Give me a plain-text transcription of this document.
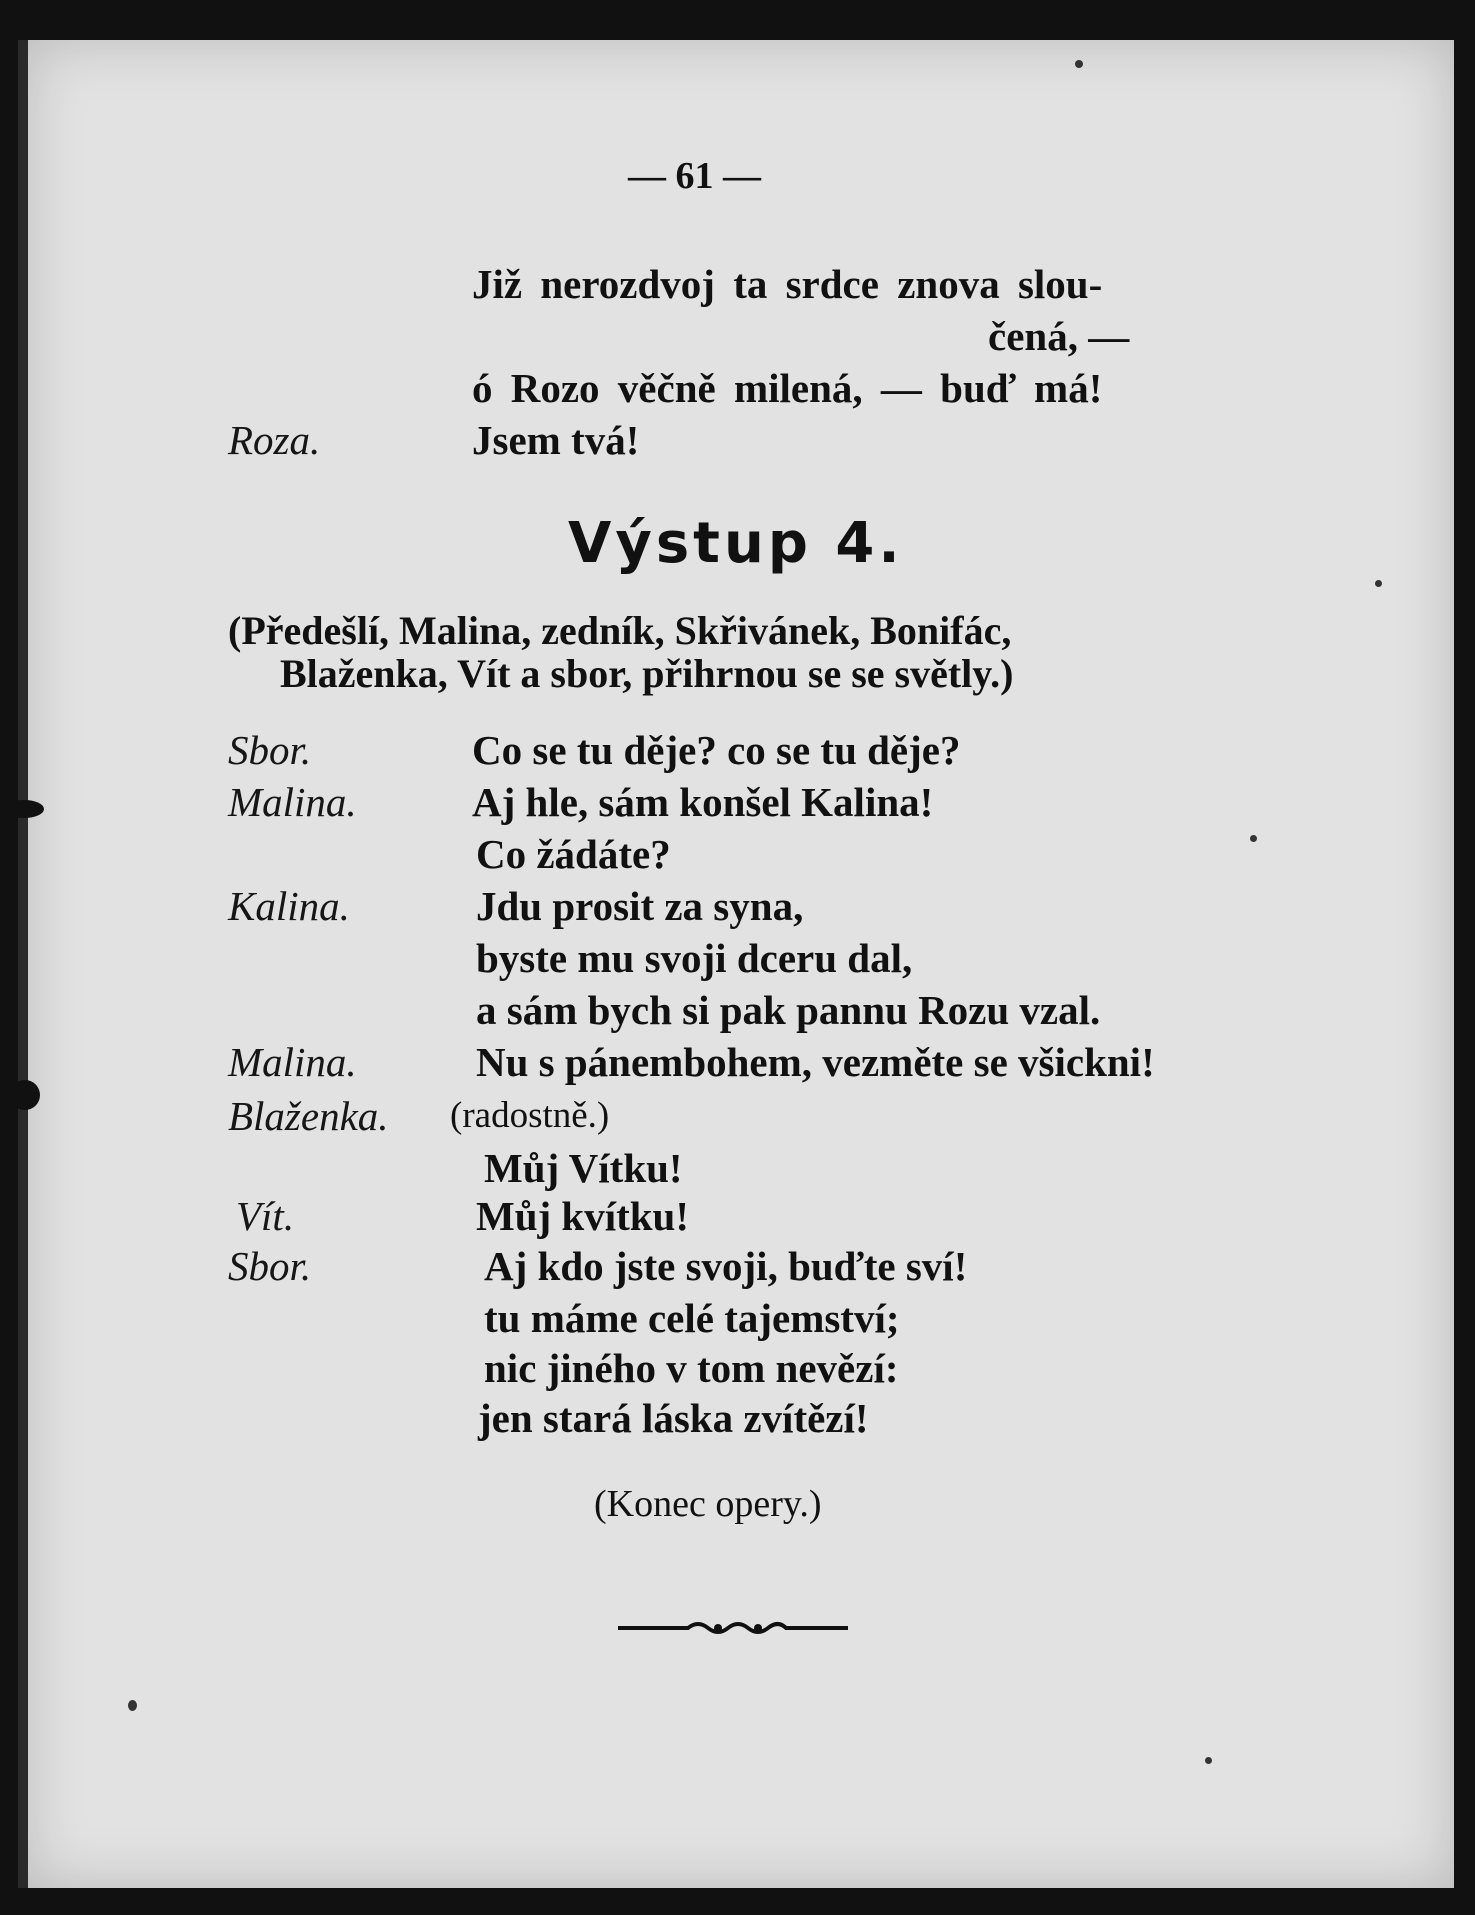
— 61 —
Již nerozdvoj ta srdce znova slou-
čená, —
ó Rozo věčně milená, — buď má!
Roza.	Jsem tvá!
Výstup 4.
(Předešlí, Malina, zedník, Skřivánek, Bonifác,
Blaženka, Vít a sbor, přihrnou se se světly.)
Sbor.	Co se tu děje? co se tu děje?
Malina.	Aj hle, sám konšel Kalina!
Co žádáte?
Kalina.	Jdu prosit za syna,
byste mu svoji dceru dal,
a sám bych si pak pannu Rozu vzal.
Malina.	Nu s pánembohem, vezměte se všickni!
Blaženka. (radostně.)
Můj Vítku!
Vít.	Můj kvítku!
Sbor.	Aj kdo jste svoji, buďte sví!
tu máme celé tajemství;
nic jiného v tom nevězí:
jen stará láska zvítězí!
(Konec opery.)
